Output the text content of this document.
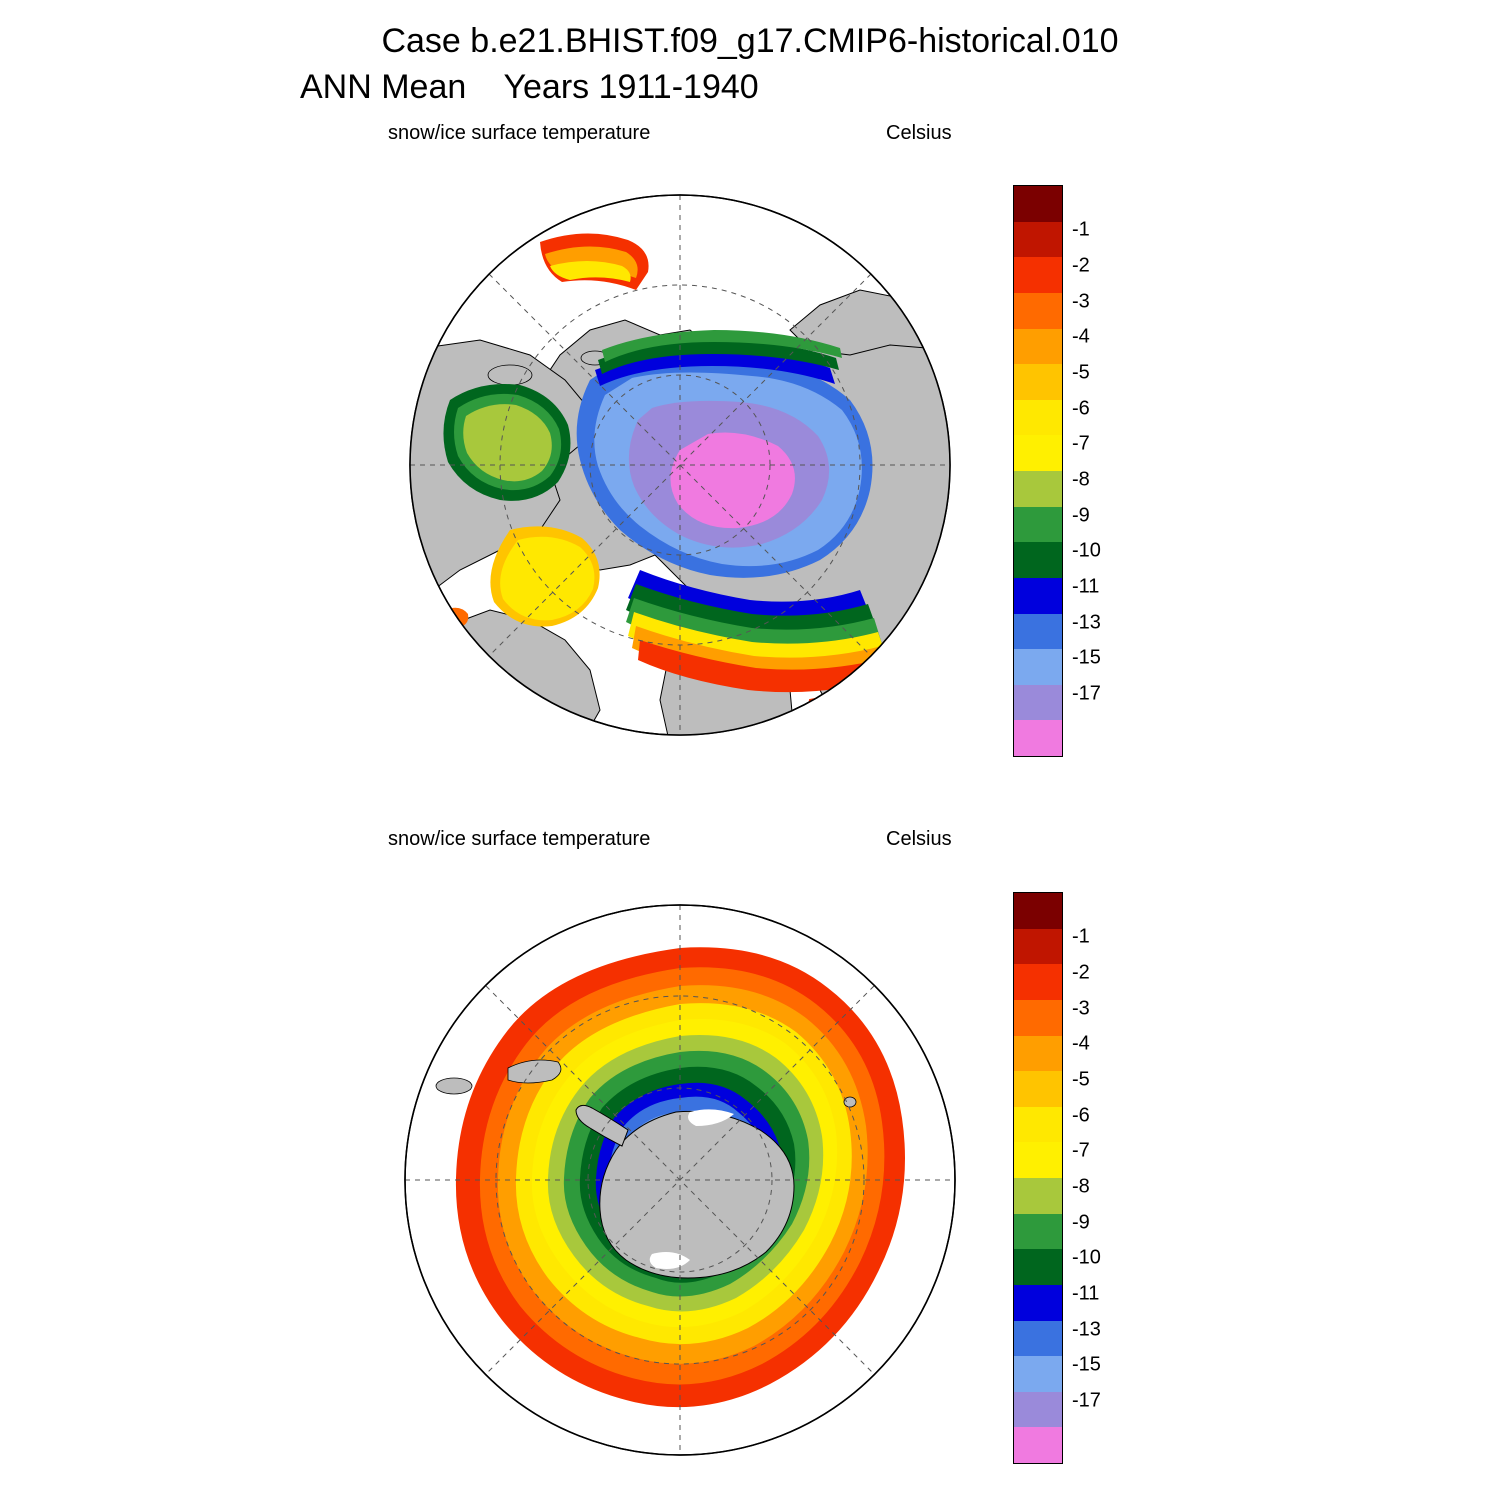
Case b.e21.BHIST.f09_g17.CMIP6-historical.010
ANN Mean    Years 1911-1940
snow/ice surface temperature	Celsius
-1
-2
-3
-4
-5
-6
-7
-8
-9
-10
-11
-13
-15
-17
snow/ice surface temperature	Celsius
-1
-2
-3
-4
-5
-6
-7
-8
-9
-10
-11
-13
-15
-17
